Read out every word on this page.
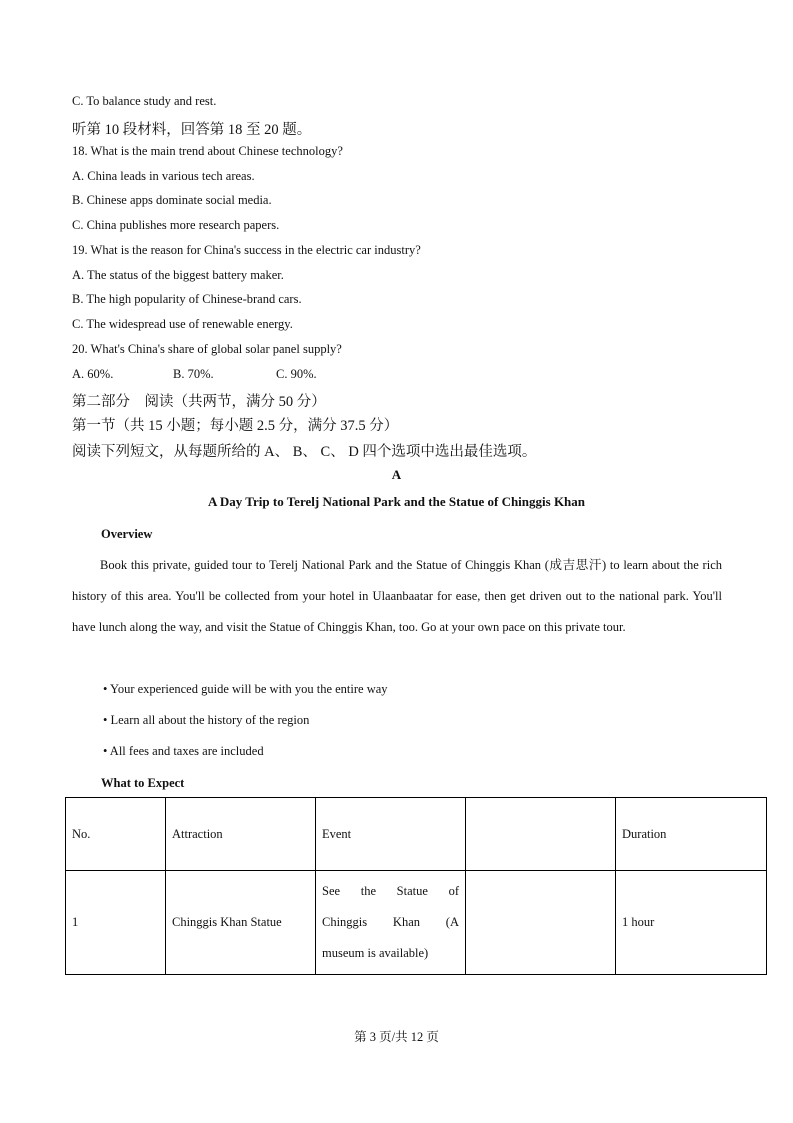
C. To balance study and rest.
听第 10 段材料，回答第 18 至 20 题。
18. What is the main trend about Chinese technology?
A. China leads in various tech areas.
B. Chinese apps dominate social media.
C. China publishes more research papers.
19. What is the reason for China's success in the electric car industry?
A. The status of the biggest battery maker.
B. The high popularity of Chinese-brand cars.
C. The widespread use of renewable energy.
20. What's China's share of global solar panel supply?
A. 60%.	B. 70%.	C. 90%.
第二部分    阅读（共两节，满分 50 分）
第一节（共 15 小题；每小题 2.5 分，满分 37.5 分）
阅读下列短文，从每题所给的 A、 B、 C、 D 四个选项中选出最佳选项。
A
A Day Trip to Terelj National Park and the Statue of Chinggis Khan
Overview
Book this private, guided tour to Terelj National Park and the Statue of Chinggis Khan (成吉思汗) to learn about the rich history of this area. You'll be collected from your hotel in Ulaanbaatar for ease, then get driven out to the national park. You'll have lunch along the way, and visit the Statue of Chinggis Khan, too. Go at your own pace on this private tour.
• Your experienced guide will be with you the entire way
• Learn all about the history of the region
• All fees and taxes are included
What to Expect
No.	Attraction	Event		Duration
1	Chinggis Khan Statue	See the Statue of
Chinggis Khan (A
museum is available)		1 hour
第 3 页/共 12 页
